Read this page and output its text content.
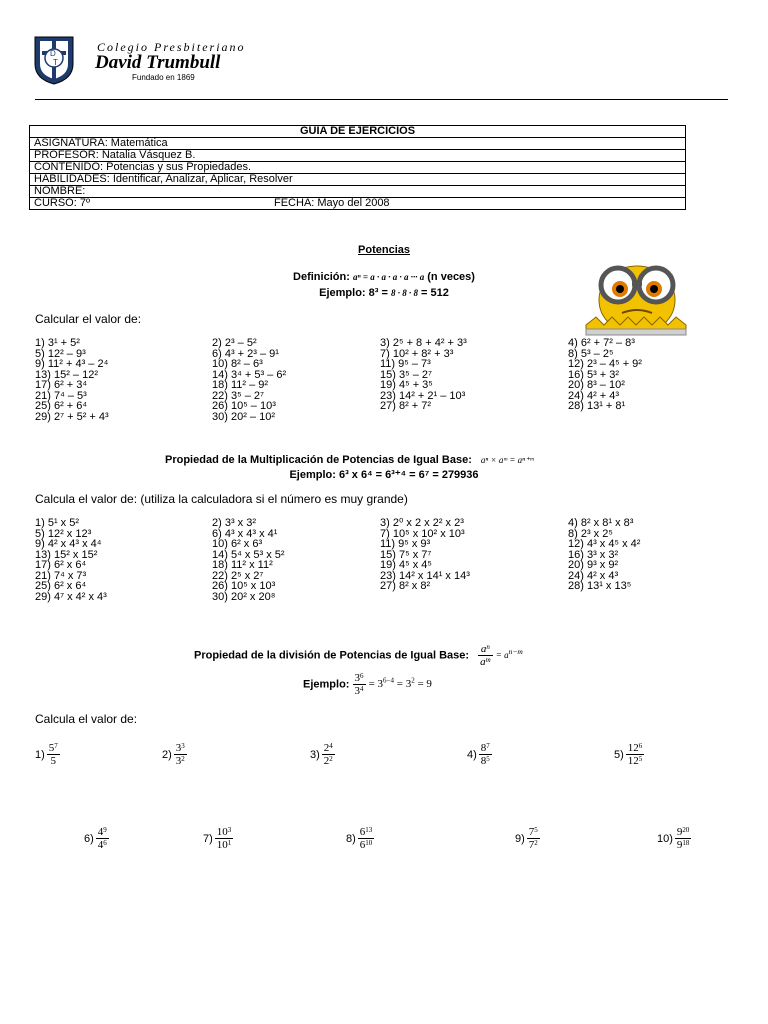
D
T
Colegio Presbiteriano
David Trumbull
Fundado en 1869
GUIA DE EJERCICIOS
ASIGNATURA: Matemática
PROFESOR: Natalia Vásquez B.
CONTENIDO: Potencias y sus Propiedades.
HABILIDADES: Identificar, Analizar, Aplicar, Resolver
NOMBRE:
CURSO: 7º	FECHA: Mayo del 2008
Potencias
Definición: aⁿ = a · a · a · a ··· a (n veces)
Ejemplo: 8³ = 8 · 8 · 8 = 512
Calcular el valor de:
1) 3¹ + 5²	2) 2³ – 5²	3) 2⁵ + 8 + 4² + 3³	4) 6² + 7² – 8³
5) 12² – 9³	6) 4³ + 2³ – 9¹	7) 10² + 8² + 3³	8) 5³ – 2⁵
9) 11² + 4³ – 2⁴	10) 8² – 6³	11) 9⁵ – 7³	12) 2³ – 4⁵ + 9²
13) 15² – 12²	14) 3⁴ + 5³ – 6²	15) 3⁵ – 2⁷	16) 5³ + 3²
17) 6² + 3⁴	18) 11² – 9²	19) 4⁵ + 3⁵	20) 8³ – 10²
21) 7⁴ – 5³	22) 3⁵ – 2⁷	23) 14² + 2¹ – 10³	24) 4² + 4³
25) 6² + 6⁴	26) 10⁵ – 10³	27) 8² + 7²	28) 13¹ + 8¹
29) 2⁷ + 5² + 4³	30) 20² – 10²
Propiedad de la Multiplicación de Potencias de Igual Base: aⁿ × aᵐ = aⁿ⁺ᵐ
Ejemplo: 6³ x 6⁴ = 6³⁺⁴ = 6⁷ = 279936
Calcula el valor de: (utiliza la calculadora si el número es muy grande)
1) 5¹ x 5²	2) 3³ x 3²	3) 2⁰ x 2 x 2² x 2³	4) 8² x 8¹ x 8³
5) 12² x 12³	6) 4³ x 4³ x 4¹	7) 10⁵ x 10² x 10³	8) 2³ x 2⁵
9) 4² x 4³ x 4⁴	10) 6² x 6³	11) 9⁵ x 9³	12) 4³ x 4⁵ x 4²
13) 15² x 15²	14) 5⁴ x 5³ x 5²	15) 7⁵ x 7⁷	16) 3³ x 3²
17) 6² x 6⁴	18) 11² x 11²	19) 4⁵ x 4⁵	20) 9³ x 9²
21) 7⁴ x 7³	22) 2⁵ x 2⁷	23) 14² x 14¹ x 14³	24) 4² x 4³
25) 6² x 6⁴	26) 10⁵ x 10³	27) 8² x 8²	28) 13¹ x 13⁵
29) 4⁷ x 4² x 4³	30) 20² x 20⁸
Propiedad de la división de Potencias de Igual Base: $\frac{a^n}{a^m} = a^{n-m}$
Ejemplo: $\frac{3^6}{3^4} = 3^{6-4} = 3^2 = 9$
Calcula el valor de:
$1) \frac{5^7}{5}$	$2) \frac{3^3}{3^2}$	$3) \frac{2^4}{2^2}$	$4) \frac{8^7}{8^5}$	$5) \frac{12^6}{12^5}$
$6) \frac{4^9}{4^6}$	$7) \frac{10^3}{10^1}$	$8) \frac{6^{13}}{6^{10}}$	$9) \frac{7^5}{7^2}$	$10) \frac{9^{20}}{9^{18}}$
